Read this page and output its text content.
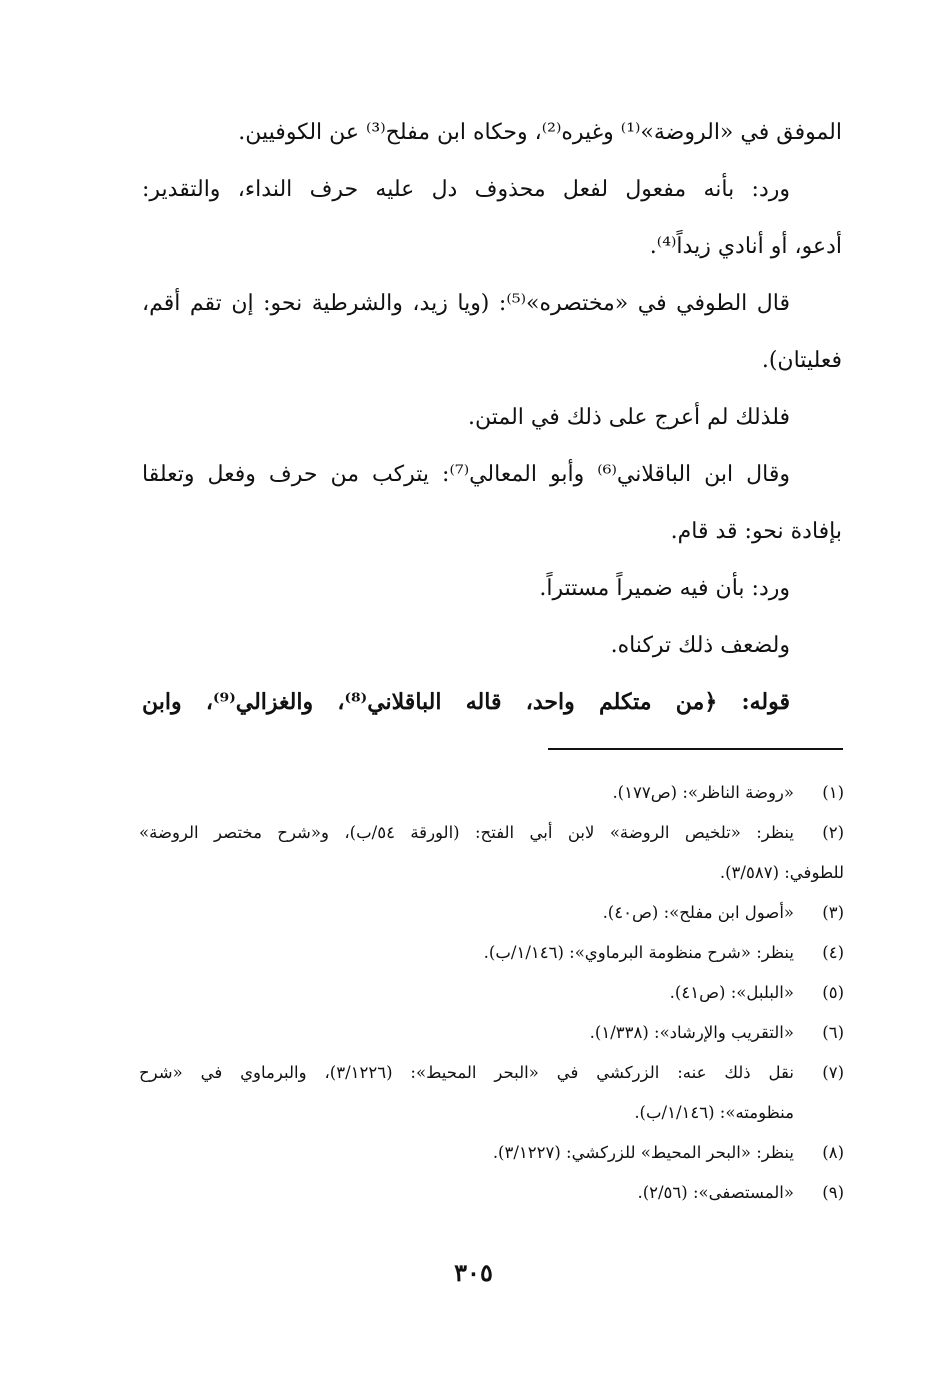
الموفق في «الروضة»⁽¹⁾ وغيره⁽²⁾، وحكاه ابن مفلح⁽³⁾ عن الكوفيين.
ورد: بأنه مفعول لفعل محذوف دل عليه حرف النداء، والتقدير:
أدعو، أو أنادي زيداً⁽⁴⁾.
قال الطوفي في «مختصره»⁽⁵⁾: (ويا زيد، والشرطية نحو: إن تقم أقم،
فعليتان).
فلذلك لم أعرج على ذلك في المتن.
وقال ابن الباقلاني⁽⁶⁾ وأبو المعالي⁽⁷⁾: يتركب من حرف وفعل وتعلقا
بإفادة نحو: قد قام.
ورد: بأن فيه ضميراً مستتراً.
ولضعف ذلك تركناه.
قوله: ﴿من متكلم واحد، قاله الباقلاني⁽⁸⁾، والغزالي⁽⁹⁾، وابن
(١)
«روضة الناظر»: (ص١٧٧).
(٢)
ينظر: «تلخيص الروضة» لابن أبي الفتح: (الورقة ٥٤/ب)، و«شرح مختصر الروضة»
للطوفي: (٣/٥٨٧).
(٣)
«أصول ابن مفلح»: (ص٤٠).
(٤)
ينظر: «شرح منظومة البرماوي»: (١/١٤٦/ب).
(٥)
«البلبل»: (ص٤١).
(٦)
«التقريب والإرشاد»: (١/٣٣٨).
(٧)
نقل ذلك عنه: الزركشي في «البحر المحيط»: (٣/١٢٢٦)، والبرماوي في «شرح
منظومته»: (١/١٤٦/ب).
(٨)
ينظر: «البحر المحيط» للزركشي: (٣/١٢٢٧).
(٩)
«المستصفى»: (٢/٥٦).
٣٠٥
